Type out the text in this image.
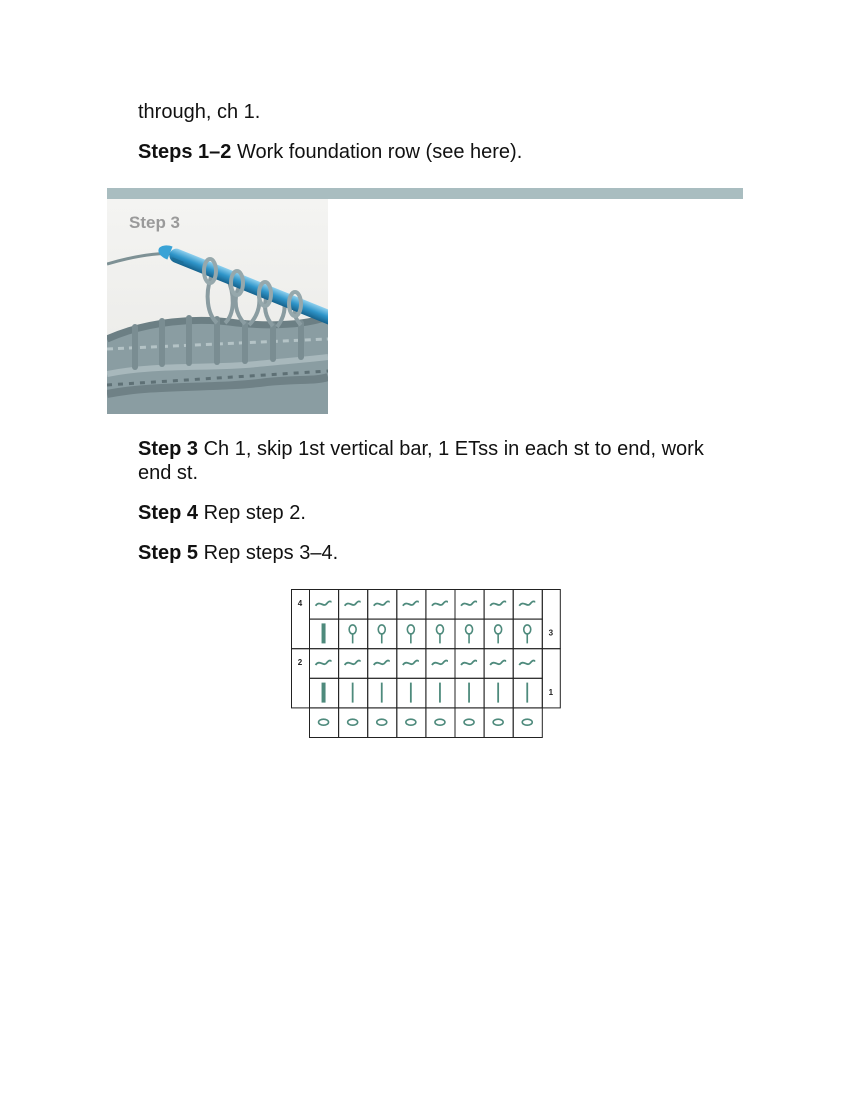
through, ch 1.

Steps 1–2 Work foundation row (see here).

Step 3

Step 3 Ch 1, skip 1st vertical bar, 1 ETss in each st to end, work end st.

Step 4 Rep step 2.

Step 5 Rep steps 3–4.

4
2
3
1
